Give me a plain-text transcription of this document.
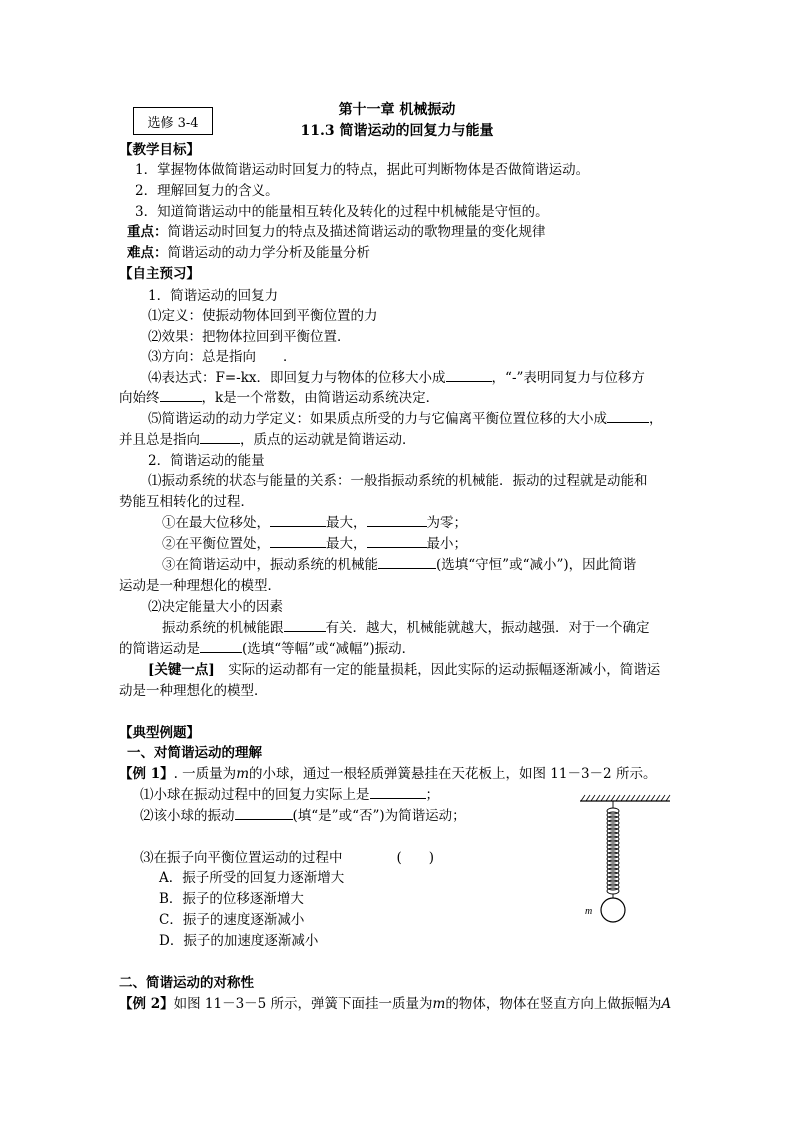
选修 3-4
第十一章 机械振动
11.3 简谐运动的回复力与能量
【教学目标】
1．掌握物体做简谐运动时回复力的特点，据此可判断物体是否做简谐运动。
2．理解回复力的含义。
3．知道简谐运动中的能量相互转化及转化的过程中机械能是守恒的。
重点：简谐运动时回复力的特点及描述简谐运动的歌物理量的变化规律
难点：简谐运动的动力学分析及能量分析
【自主预习】
1．简谐运动的回复力
⑴定义：使振动物体回到平衡位置的力
⑵效果：把物体拉回到平衡位置．
⑶方向：总是指向　　．
⑷表达式：F=-kx．即回复力与物体的位移大小成	，“-”表明同复力与位移方
向始终	，k是一个常数，由简谐运动系统决定．
⑸简谐运动的动力学定义：如果质点所受的力与它偏离平衡位置位移的大小成	，
并且总是指向	，质点的运动就是简谐运动．
2．简谐运动的能量
⑴振动系统的状态与能量的关系：一般指振动系统的机械能．振动的过程就是动能和
势能互相转化的过程．
①在最大位移处，	最大，	为零；
②在平衡位置处，	最大，	最小；
③在简谐运动中，振动系统的机械能	(选填“守恒”或“减小”)，因此简谐
运动是一种理想化的模型．
⑵决定能量大小的因素
振动系统的机械能跟	有关．越大，机械能就越大，振动越强．对于一个确定
的简谐运动是	(选填“等幅”或“减幅”)振动．
[关键一点]　实际的运动都有一定的能量损耗，因此实际的运动振幅逐渐减小，简谐运
动是一种理想化的模型．
【典型例题】
一、对简谐运动的理解
【例 1】. 一质量为m的小球，通过一根轻质弹簧悬挂在天花板上，如图 11－3－2 所示。
⑴小球在振动过程中的回复力实际上是	；
⑵该小球的振动	(填“是”或“否”)为简谐运动；
⑶在振子向平衡位置运动的过程中　　　　(　　)
A．振子所受的回复力逐渐增大
B．振子的位移逐渐增大
C．振子的速度逐渐减小
D．振子的加速度逐渐减小
m
二、简谐运动的对称性
【例 2】如图 11－3－5 所示，弹簧下面挂一质量为m的物体，物体在竖直方向上做振幅为A
